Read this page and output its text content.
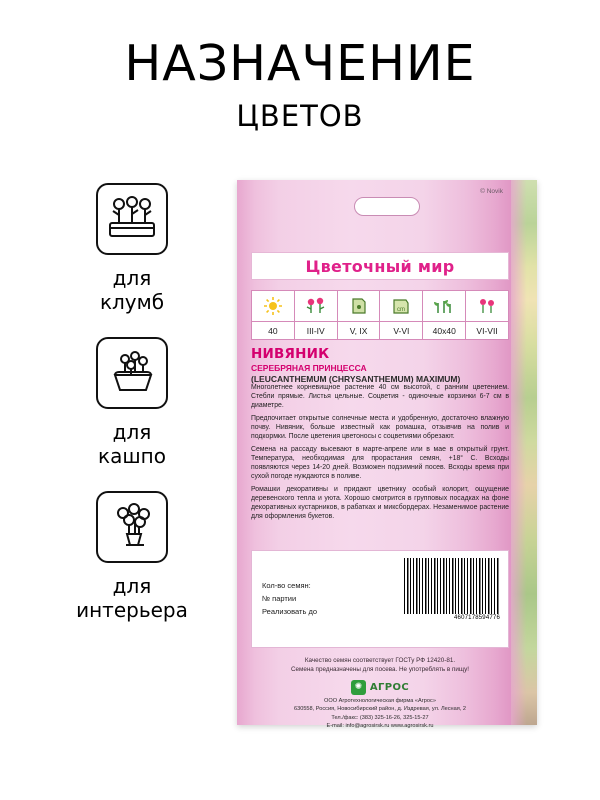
НАЗНАЧЕНИЕ
ЦВЕТОВ
для
клумб
для
кашпо
для
интерьера
© Novik
Цветочный мир
cm
40	III-IV	V, IX	V-VI	40x40	VI-VII
НИВЯНИК
СЕРЕБРЯНАЯ ПРИНЦЕССА
(LEUCANTHEMUM (CHRYSANTHEMUM) MAXIMUM)

Многолетнее корневищное растение 40 см высотой, с ранним цветением. Стебли прямые. Листья цельные. Соцветия - одиночные корзинки 6-7 см в диаметре.

Предпочитает открытые солнечные места и удобренную, достаточно влажную почву. Нивяник, больше известный как ромашка, отзывчив на полив и подкормки. После цветения цветоносы с соцветиями обрезают.

Семена на рассаду высевают в марте-апреле или в мае в открытый грунт. Температура, необходимая для прорастания семян, +18° С. Всходы появляются через 14-20 дней. Возможен подзимний посев. Всходы время при сухой погоде нуждаются в поливе.

Ромашки декоративны и придают цветнику особый колорит, ощущение деревенского тепла и уюта. Хорошо смотрится в групповых посадках на фоне декоративных кустарников, в рабатках и миксбордерах. Незаменимое растение для оформления букетов.

Кол-во семян:
№ партии
Реализовать до
4607178594776
Качество семян соответствует ГОСТу РФ 12420-81.
Семена предназначены для посева. Не употреблять в пищу!
✺ АГРОС
ООО Агротехнологическая фирма «Агрос»
630558, Россия, Новосибирский район, д. Издревая, ул. Лесная, 2
Тел./факс: (383) 325-16-26, 325-15-27
E-mail: info@agrosirsk.ru www.agrosirsk.ru
